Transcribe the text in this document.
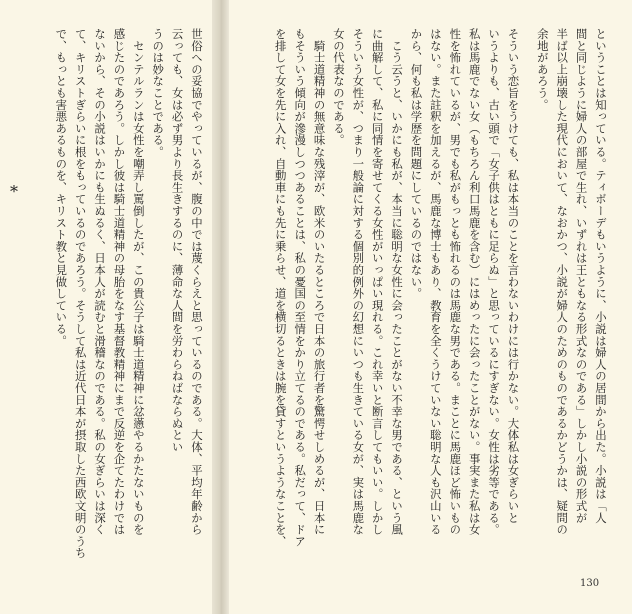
ということは知っている。ティボーデもいうように、小説は婦人の居間から出た。小説は「人
間と同じように婦人の部屋で生れ、いずれは王ともなる形式なのである」しかし小説の形式が
半ば以上崩壊した現代において、なおかつ、小説が婦人のためのものであるかどうかは、疑問の
余地があろう。
そういう恋旨をうけても、私は本当のことを言わないわけには行かない。大体私は女ぎらいと
いうよりも、古い頭で「女子供はともに足らぬ」と思っているにすぎない。女性は劣等である。
私は馬鹿でない女（もちろん利口馬鹿を含む）にはめったに会ったことがない。事実また私は女
性を怖れているが、男でも私がもっとも怖れるのは馬鹿な男である。まことに馬鹿ほど怖いもの
はない。また註釈を加えるが、馬鹿な博士もあり、教育を全くうけていない聡明な人も沢山いる
から、何も私は学歴を問題にしているのではない。
　こう云うと、いかにも私が、本当に聡明な女性に会ったことがない不幸な男である、という風
に曲解して、私に同情を寄せてくる女性がいっぱい現れる。これ幸いと断言してもいい。しかし
そういう女性が、つまり一般論に対する個別的例外の幻想にいつも生きている女が、実は馬鹿な
女の代表なのである。
　騎士道精神の無意味な残滓が、欧米のいたるところで日本の旅行者を驚愕せしめるが、日本に
もそういう傾向が滲漫しつつあることは、私の憂国の至情をかり立てるのである。私だって、ドア
を排して女を先に入れ、自動車にも先に乗らせ、道を横切るときは腕を貸すというようなことを、
130
世俗への妥協でやっているが、腹の中では蔑くらえと思っているのである。大体、平均年齢から
云っても、女は必ず男より長生きするのに、薄命な人間を労わらねばならぬとい
うのは妙なことである。
　センテルランは女性を嘲弄し罵倒したが、この貴公子は騎士道精神に忿懣やるかたないものを
感じたのであろう。しかし彼は騎士道精神の母胎をなす基督教精神にまで反逆を企てたわけでは
ないから、その小説はいかにも生ぬるく、日本人が読むと滑稽なのである。私の女ぎらいは深く
て、キリストぎらいに根をもっているのであろう。そうして私は近代日本が摂取した西欧文明のうち
で、もっとも害悪あるものを、キリスト教と見做している。
*
